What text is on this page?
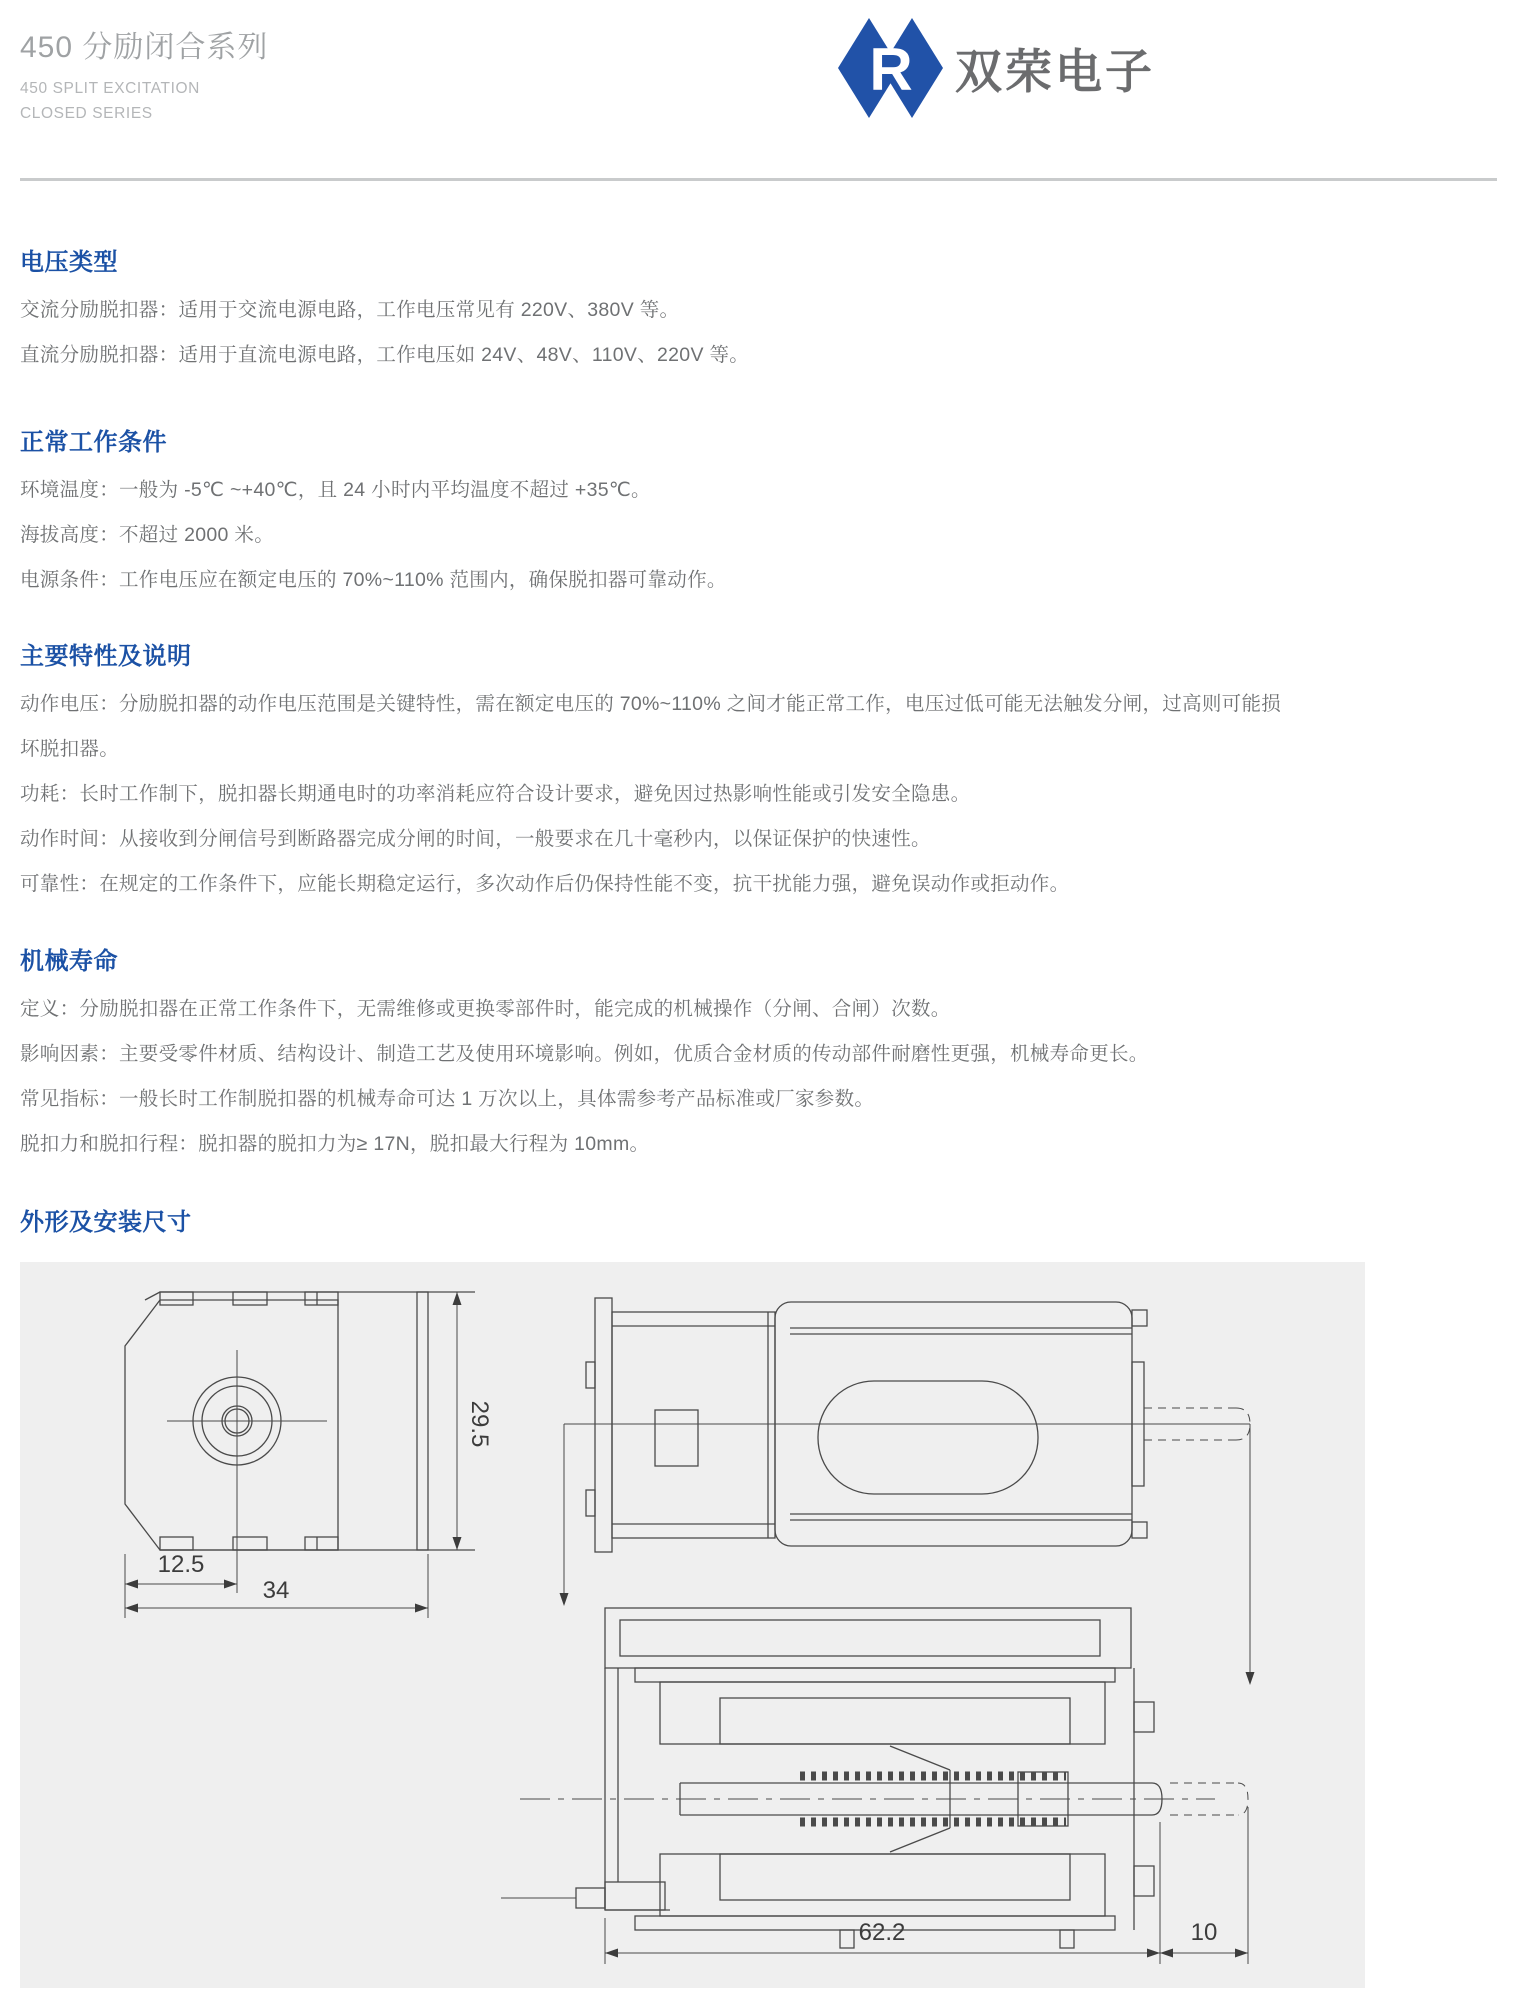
450 分励闭合系列
450 SPLIT EXCITATION
CLOSED SERIES
R 双荣电子
电压类型

交流分励脱扣器：适用于交流电源电路，工作电压常见有 220V、380V 等。

直流分励脱扣器：适用于直流电源电路，工作电压如 24V、48V、110V、220V 等。

正常工作条件

环境温度：一般为 -5℃ ~+40℃，且 24 小时内平均温度不超过 +35℃。

海拔高度：不超过 2000 米。

电源条件：工作电压应在额定电压的 70%~110% 范围内，确保脱扣器可靠动作。

主要特性及说明

动作电压：分励脱扣器的动作电压范围是关键特性，需在额定电压的 70%~110% 之间才能正常工作，电压过低可能无法触发分闸，过高则可能损坏脱扣器。

功耗：长时工作制下，脱扣器长期通电时的功率消耗应符合设计要求，避免因过热影响性能或引发安全隐患。

动作时间：从接收到分闸信号到断路器完成分闸的时间，一般要求在几十毫秒内，以保证保护的快速性。

可靠性：在规定的工作条件下，应能长期稳定运行，多次动作后仍保持性能不变，抗干扰能力强，避免误动作或拒动作。

机械寿命

定义：分励脱扣器在正常工作条件下，无需维修或更换零部件时，能完成的机械操作（分闸、合闸）次数。

影响因素：主要受零件材质、结构设计、制造工艺及使用环境影响。例如，优质合金材质的传动部件耐磨性更强，机械寿命更长。

常见指标：一般长时工作制脱扣器的机械寿命可达 1 万次以上，具体需参考产品标准或厂家参数。

脱扣力和脱扣行程：脱扣器的脱扣力为≥ 17N，脱扣最大行程为 10mm。

外形及安装尺寸
12.5
34
29.5
62.2	10
